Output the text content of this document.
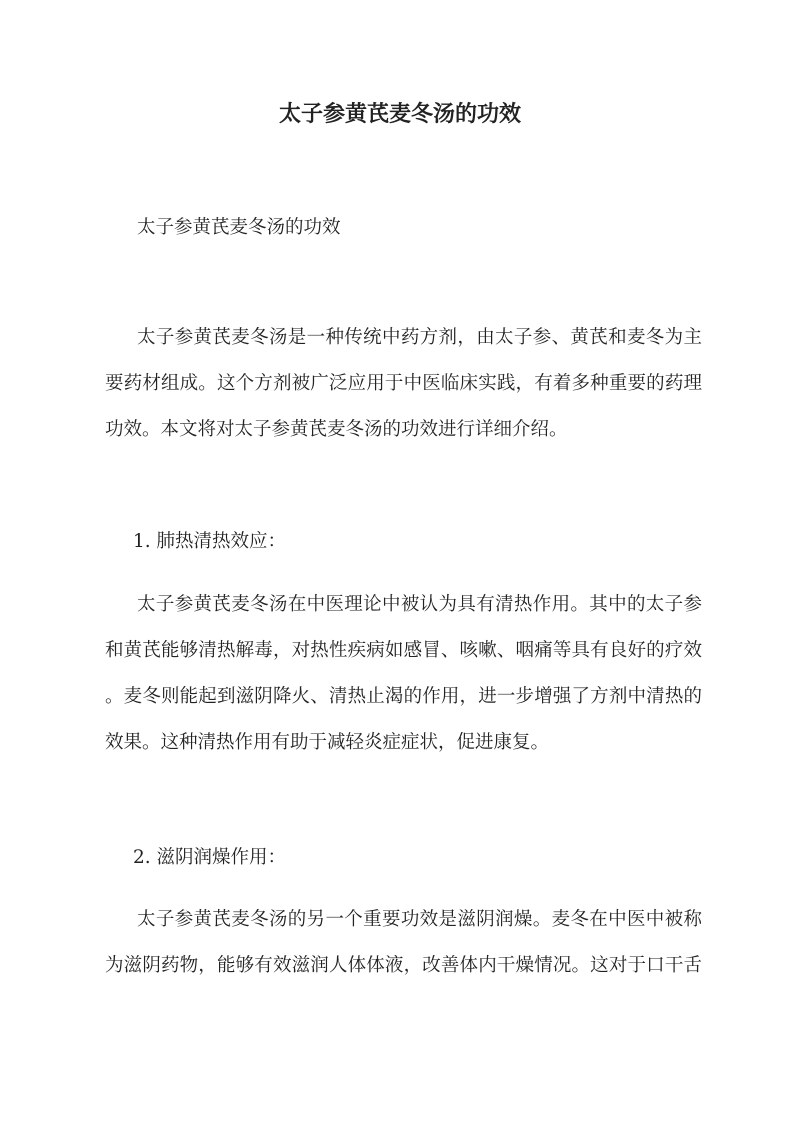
太子参黄芪麦冬汤的功效
太子参黄芪麦冬汤的功效
太子参黄芪麦冬汤是一种传统中药方剂，由太子参、黄芪和麦冬为主
要药材组成。这个方剂被广泛应用于中医临床实践，有着多种重要的药理
功效。本文将对太子参黄芪麦冬汤的功效进行详细介绍。
1. 肺热清热效应：
太子参黄芪麦冬汤在中医理论中被认为具有清热作用。其中的太子参
和黄芪能够清热解毒，对热性疾病如感冒、咳嗽、咽痛等具有良好的疗效
。麦冬则能起到滋阴降火、清热止渴的作用，进一步增强了方剂中清热的
效果。这种清热作用有助于减轻炎症症状，促进康复。
2. 滋阴润燥作用：
太子参黄芪麦冬汤的另一个重要功效是滋阴润燥。麦冬在中医中被称
为滋阴药物，能够有效滋润人体体液，改善体内干燥情况。这对于口干舌
